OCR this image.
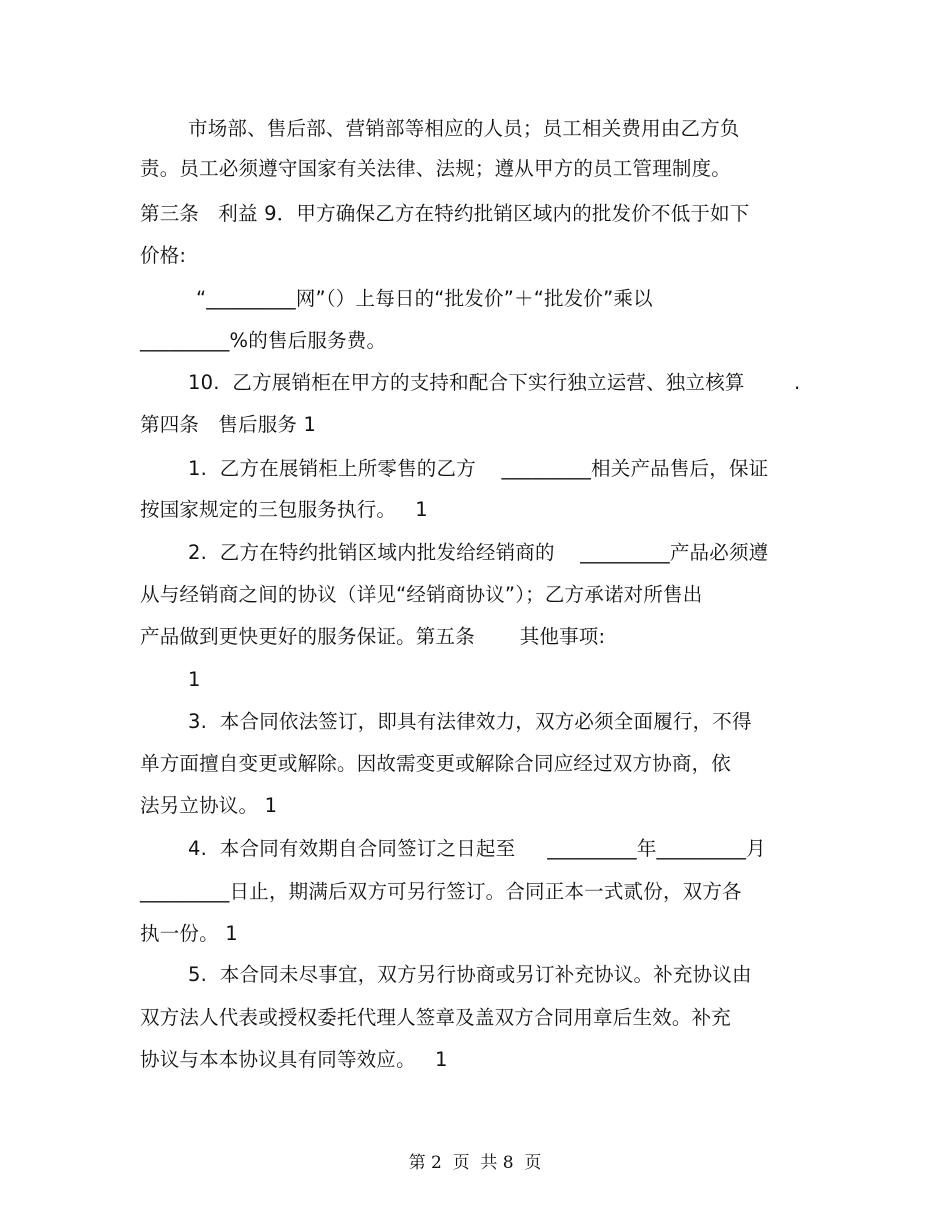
市场部、售后部、营销部等相应的人员；员工相关费用由乙方负
责。员工必须遵守国家有关法律、法规；遵从甲方的员工管理制度。
第三条   利益 9．甲方确保乙方在特约批销区域内的批发价不低于如下
价格:
“_________网”（）上每日的“批发价”＋“批发价”乘以
_________%的售后服务费。
10.  乙方展销柜在甲方的支持和配合下实行独立运营、独立核算	.
第四条   售后服务 1
1.  乙方在展销柜上所零售的乙方    _________相关产品售后，保证
按国家规定的三包服务执行。   1
2.  乙方在特约批销区域内批发给经销商的    _________产品必须遵
从与经销商之间的协议（详见“经销商协议”）；乙方承诺对所售出
产品做到更快更好的服务保证。第五条       其他事项:
1
3.  本合同依法签订，即具有法律效力，双方必须全面履行，不得
单方面擅自变更或解除。因故需变更或解除合同应经过双方协商，依
法另立协议。 1
4.  本合同有效期自合同签订之日起至     _________年_________月
_________日止，期满后双方可另行签订。合同正本一式贰份，双方各
执一份。 1
5.  本合同未尽事宜，双方另行协商或另订补充协议。补充协议由
双方法人代表或授权委托代理人签章及盖双方合同用章后生效。补充
协议与本本协议具有同等效应。   1
第 2  页  共 8  页
